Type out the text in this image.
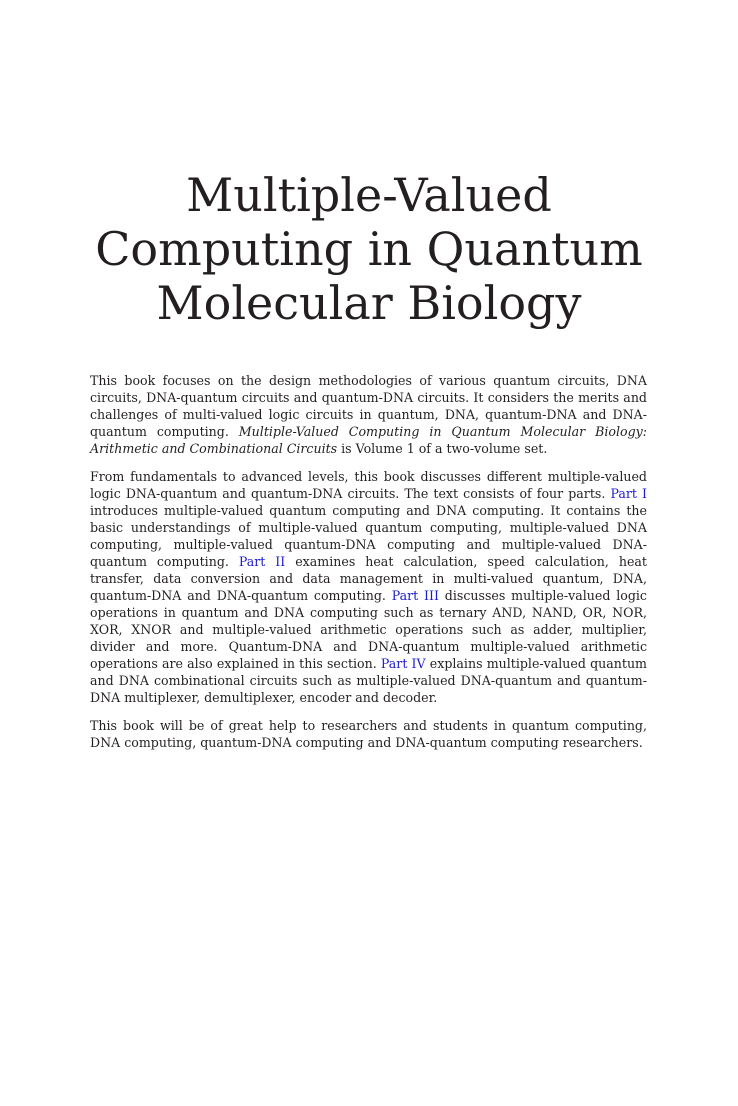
Multiple-Valued
Computing in Quantum
Molecular Biology

This book focuses on the design methodologies of various quantum circuits, DNA circuits, DNA-quantum circuits and quantum-DNA circuits. It considers the merits and challenges of multi-valued logic circuits in quantum, DNA, quantum-DNA and DNA-quantum computing. Multiple-Valued Computing in Quantum Molecular Biology: Arithmetic and Combinational Circuits is Volume 1 of a two-volume set.

From fundamentals to advanced levels, this book discusses different multiple-valued logic DNA-quantum and quantum-DNA circuits. The text consists of four parts. Part I introduces multiple-valued quantum computing and DNA computing. It contains the basic understandings of multiple-valued quantum computing, multiple-valued DNA computing, multiple-valued quantum-DNA computing and multiple-valued DNA-quantum computing. Part II examines heat calculation, speed calculation, heat transfer, data conversion and data management in multi-valued quantum, DNA, quantum-DNA and DNA-quantum computing. Part III discusses multiple-valued logic operations in quantum and DNA computing such as ternary AND, NAND, OR, NOR, XOR, XNOR and multiple-valued arithmetic operations such as adder, multiplier, divider and more. Quantum-DNA and DNA-quantum multiple-valued arithmetic operations are also explained in this section. Part IV explains multiple-valued quantum and DNA combinational circuits such as multiple-valued DNA-quantum and quantum-DNA multiplexer, demultiplexer, encoder and decoder.

This book will be of great help to researchers and students in quantum computing, DNA computing, quantum-DNA computing and DNA-quantum computing researchers.
